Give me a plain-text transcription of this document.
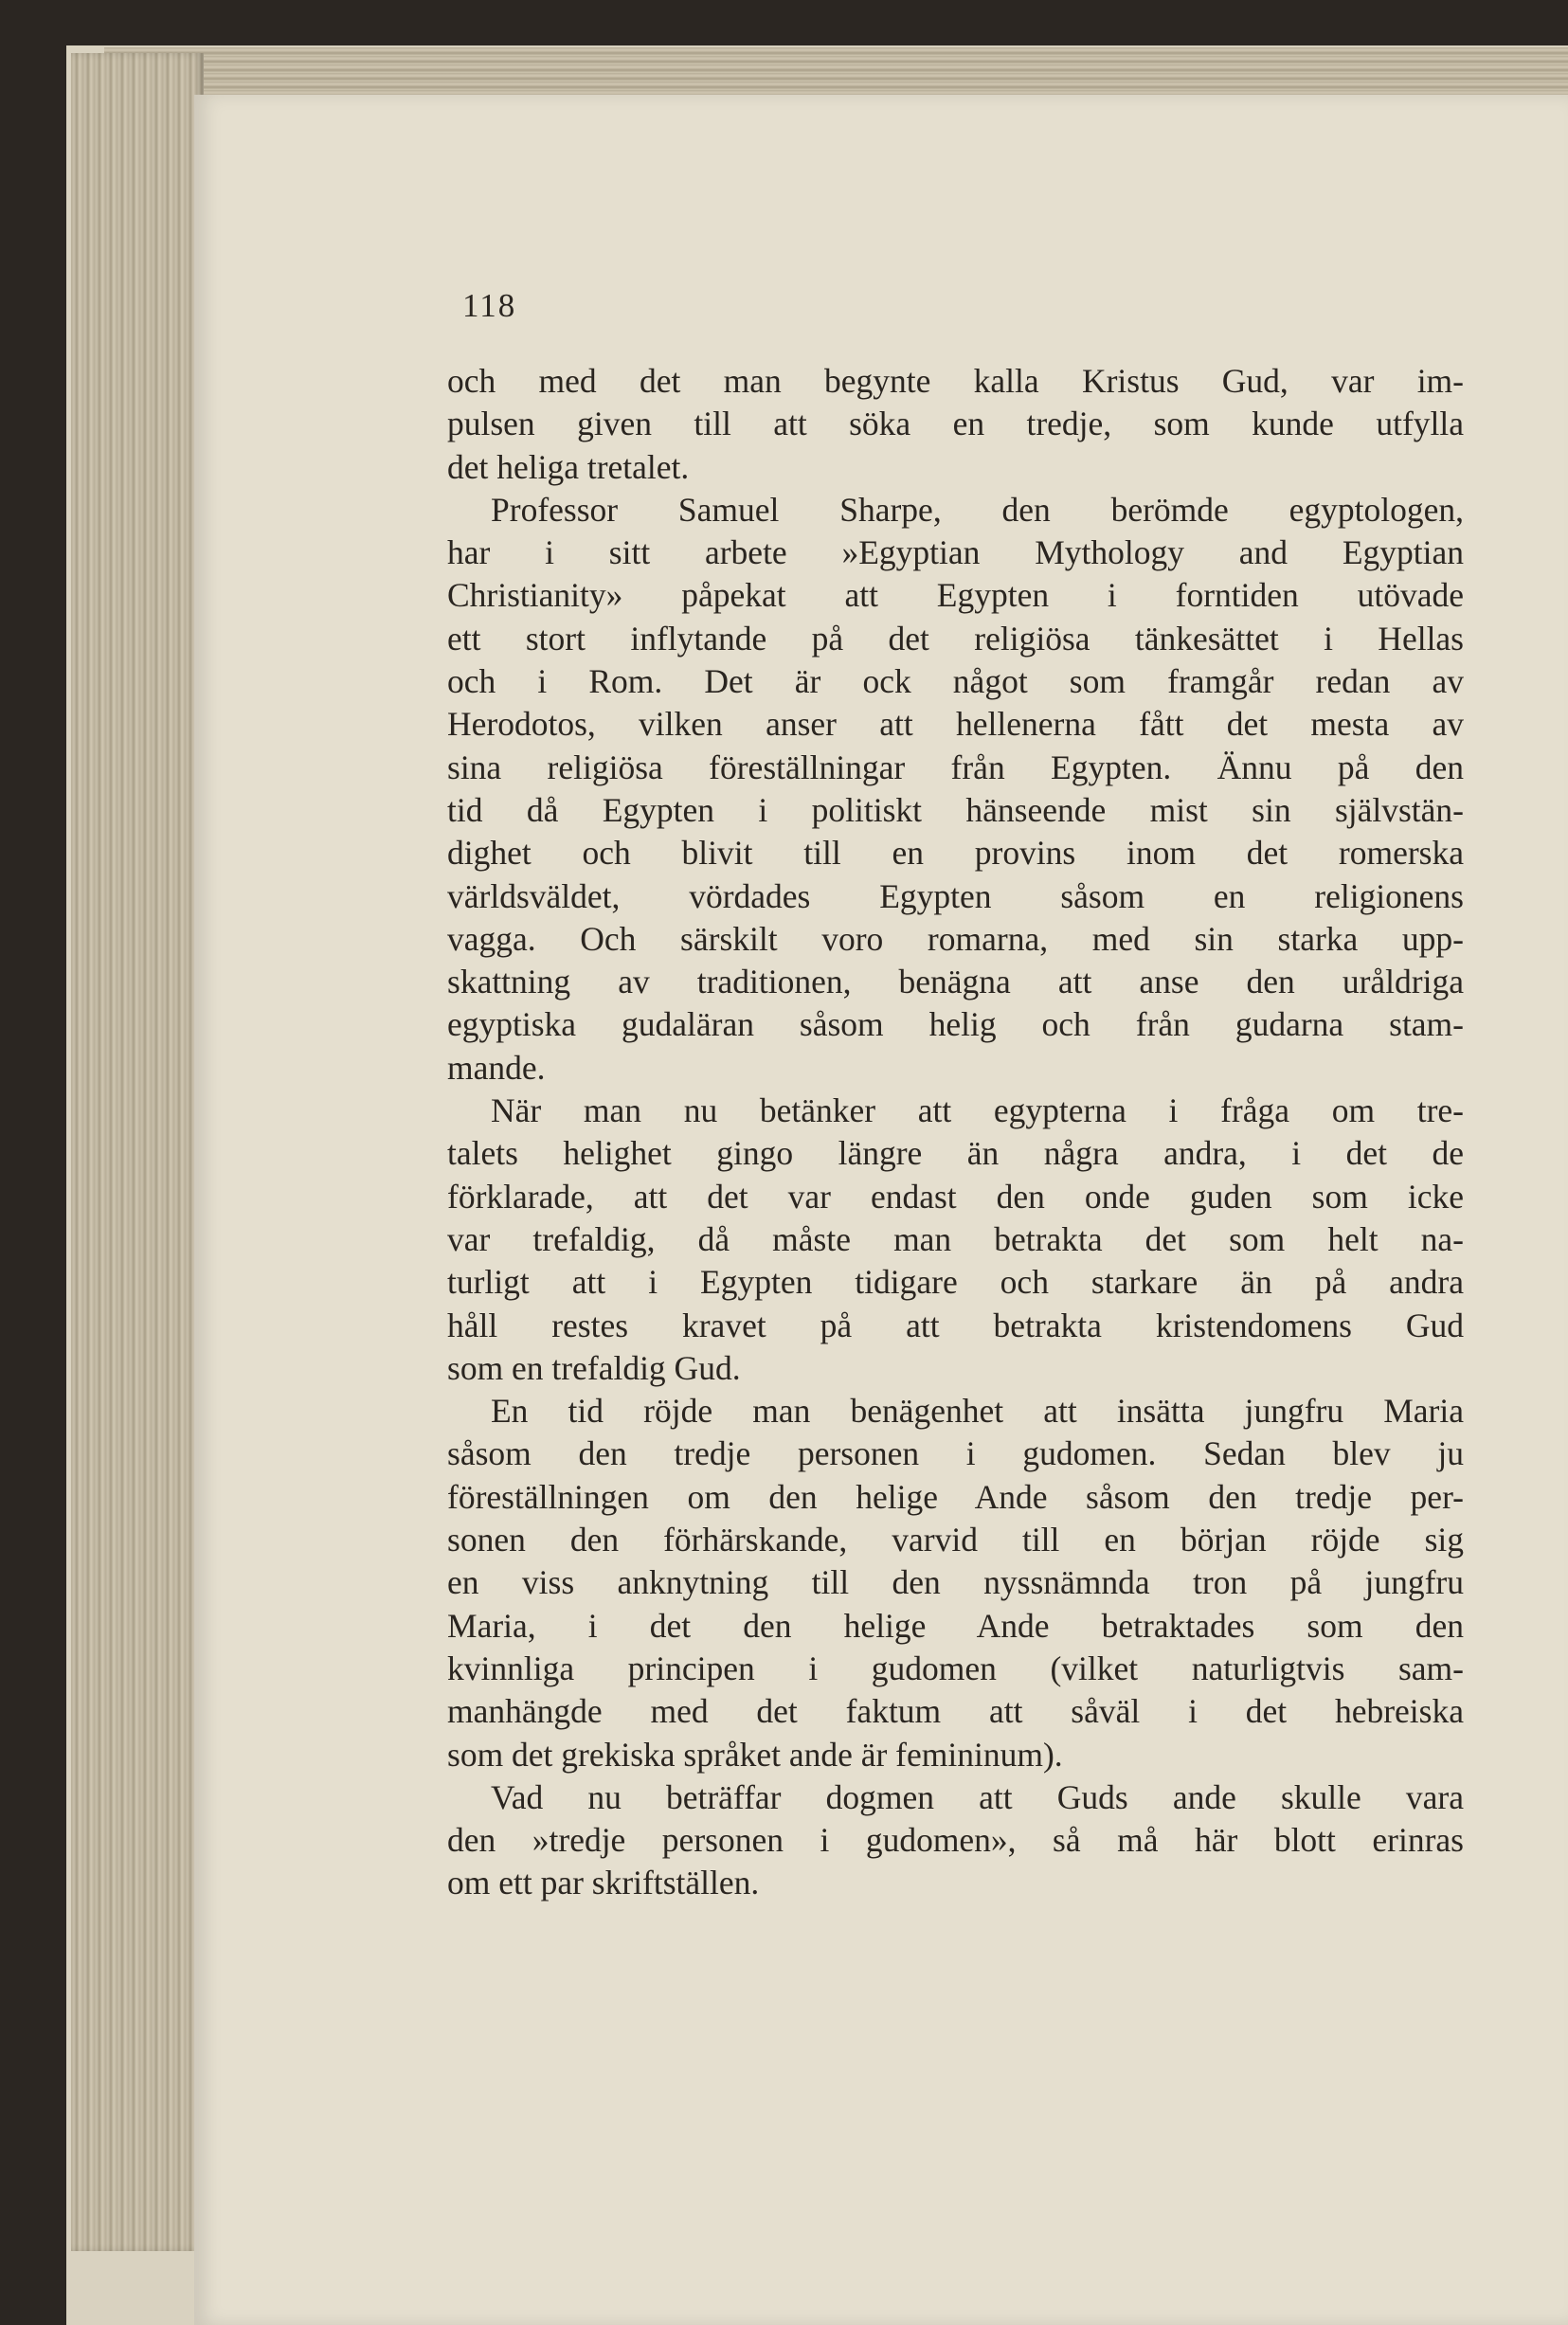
118
och med det man begynte kalla Kristus Gud, var im-
pulsen given till att söka en tredje, som kunde utfylla
det heliga tretalet.
Professor Samuel Sharpe, den berömde egyptologen,
har i sitt arbete »Egyptian Mythology and Egyptian
Christianity» påpekat att Egypten i forntiden utövade
ett stort inflytande på det religiösa tänkesättet i Hellas
och i Rom. Det är ock något som framgår redan av
Herodotos, vilken anser att hellenerna fått det mesta av
sina religiösa föreställningar från Egypten. Ännu på den
tid då Egypten i politiskt hänseende mist sin självstän-
dighet och blivit till en provins inom det romerska
världsväldet, vördades Egypten såsom en religionens
vagga. Och särskilt voro romarna, med sin starka upp-
skattning av traditionen, benägna att anse den uråldriga
egyptiska gudaläran såsom helig och från gudarna stam-
mande.
När man nu betänker att egypterna i fråga om tre-
talets helighet gingo längre än några andra, i det de
förklarade, att det var endast den onde guden som icke
var trefaldig, då måste man betrakta det som helt na-
turligt att i Egypten tidigare och starkare än på andra
håll restes kravet på att betrakta kristendomens Gud
som en trefaldig Gud.
En tid röjde man benägenhet att insätta jungfru Maria
såsom den tredje personen i gudomen. Sedan blev ju
föreställningen om den helige Ande såsom den tredje per-
sonen den förhärskande, varvid till en början röjde sig
en viss anknytning till den nyssnämnda tron på jungfru
Maria, i det den helige Ande betraktades som den
kvinnliga principen i gudomen (vilket naturligtvis sam-
manhängde med det faktum att såväl i det hebreiska
som det grekiska språket ande är femininum).
Vad nu beträffar dogmen att Guds ande skulle vara
den »tredje personen i gudomen», så må här blott erinras
om ett par skriftställen.
